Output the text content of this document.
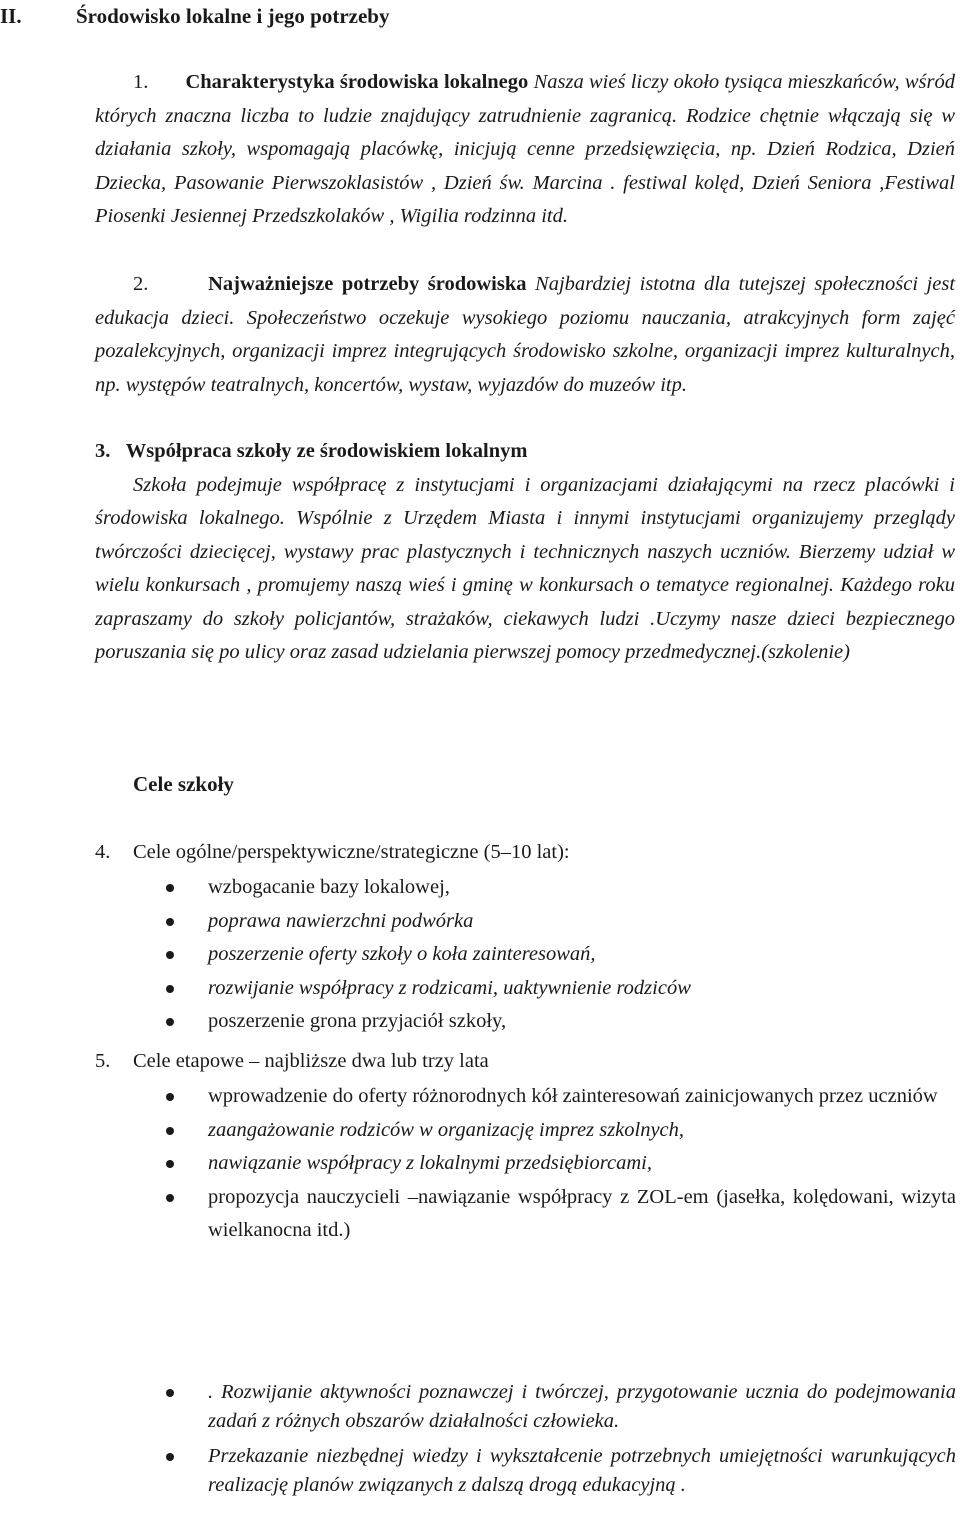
II.	Środowisko lokalne i jego potrzeby

1. Charakterystyka środowiska lokalnego Nasza wieś liczy około tysiąca mieszkańców, wśród których znaczna liczba to ludzie znajdujący zatrudnienie zagranicą. Rodzice chętnie włączają się w działania szkoły, wspomagają placówkę, inicjują cenne przedsięwzięcia, np. Dzień Rodzica, Dzień Dziecka, Pasowanie Pierwszoklasistów , Dzień św. Marcina . festiwal kolęd, Dzień Seniora ,Festiwal Piosenki Jesiennej Przedszkolaków , Wigilia rodzinna itd.

2.	Najważniejsze potrzeby środowiska Najbardziej istotna dla tutejszej społeczności jest edukacja dzieci. Społeczeństwo oczekuje wysokiego poziomu nauczania, atrakcyjnych form zajęć pozalekcyjnych, organizacji imprez integrujących środowisko szkolne, organizacji imprez kulturalnych, np. występów teatralnych, koncertów, wystaw, wyjazdów do muzeów itp.

3. Współpraca szkoły ze środowiskiem lokalnym

Szkoła podejmuje współpracę z instytucjami i organizacjami działającymi na rzecz placówki i środowiska lokalnego. Wspólnie z Urzędem Miasta i innymi instytucjami organizujemy przeglądy twórczości dziecięcej, wystawy prac plastycznych i technicznych naszych uczniów. Bierzemy udział w wielu konkursach , promujemy naszą wieś i gminę w konkursach o tematyce regionalnej. Każdego roku zapraszamy do szkoły policjantów, strażaków, ciekawych ludzi .Uczymy nasze dzieci bezpiecznego poruszania się po ulicy oraz zasad udzielania pierwszej pomocy przedmedycznej.(szkolenie)

Cele szkoły
4. Cele ogólne/perspektywiczne/strategiczne (5–10 lat):
wzbogacanie bazy lokalowej,
poprawa nawierzchni podwórka
poszerzenie oferty szkoły o koła zainteresowań,
rozwijanie współpracy z rodzicami, uaktywnienie rodziców
poszerzenie grona przyjaciół szkoły,
5. Cele etapowe – najbliższe dwa lub trzy lata
wprowadzenie do oferty różnorodnych kół zainteresowań zainicjowanych przez uczniów
zaangażowanie rodziców w organizację imprez szkolnych,
nawiązanie współpracy z lokalnymi przedsiębiorcami,
propozycja nauczycieli –nawiązanie współpracy z ZOL-em (jasełka, kolędowani, wizyta wielkanocna itd.)
. Rozwijanie aktywności poznawczej i twórczej, przygotowanie ucznia do podejmowania zadań z różnych obszarów działalności człowieka.
Przekazanie niezbędnej wiedzy i wykształcenie potrzebnych umiejętności warunkujących realizację planów związanych z dalszą drogą edukacyjną .
